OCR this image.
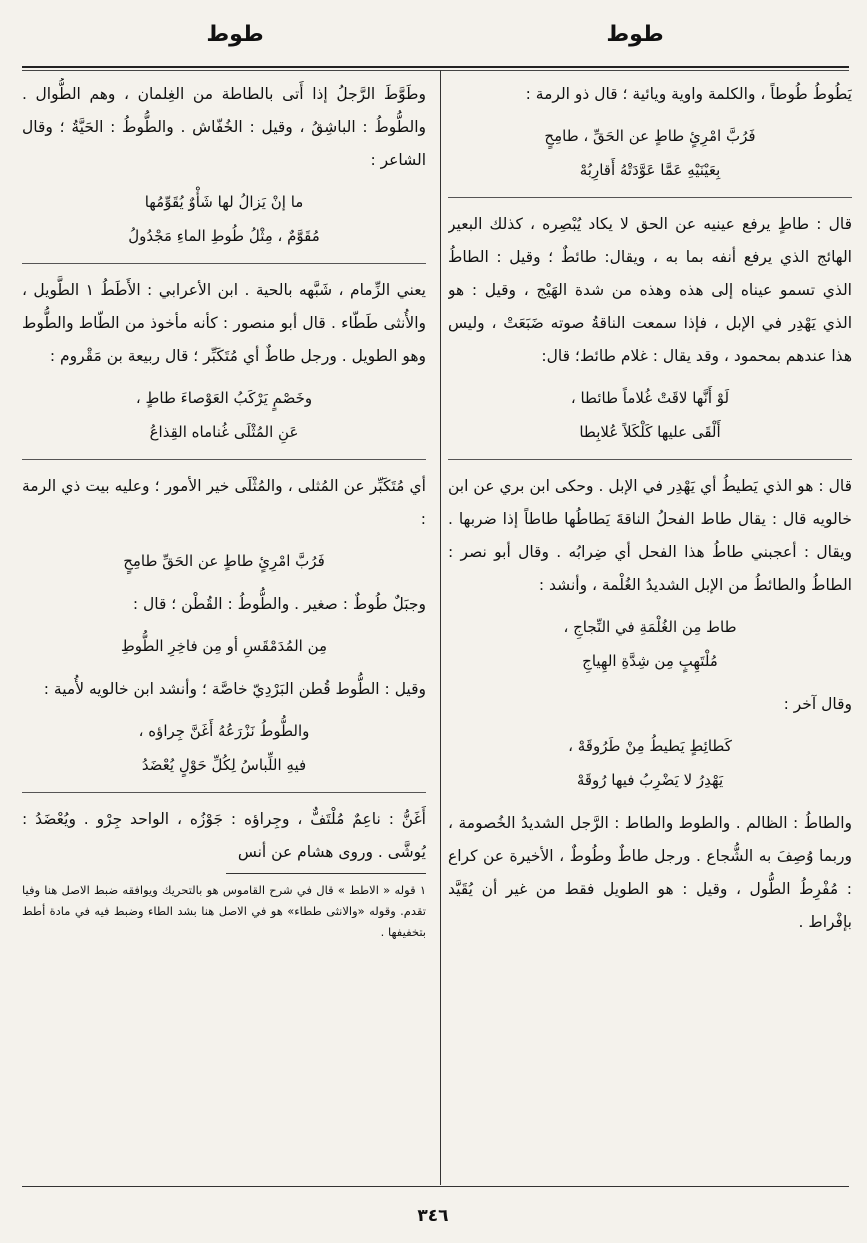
طوط
طوط
يَطُوطُ طُوطاً ، والكلمة واوية ويائية ؛ قال ذو الرمة :
فَرُبَّ امْرِئٍ طاطٍ عن الحَقِّ ، طامِحٍ
بِعَيْنَيْهِ عَمَّا عَوَّدَتْهُ أَقارِبُهْ
قال : طاطٍ يرفع عينيه عن الحق لا يكاد يُبْصِره ، كذلك البعير الهائج الذي يرفع أنفه بما به ، ويقال: طائطٌ ؛ وقيل : الطاطُ الذي تسمو عيناه إلى هذه وهذه من شدة الهَيْج ، وقيل : هو الذي يَهْدِر في الإبل ، فإذا سمعت الناقةُ صوته ضَبَعَتْ ، وليس هذا عندهم بمحمود ، وقد يقال : غلام طائط؛ قال:
لَوْ أَنَّها لاقَتْ غُلاماً طائطا ،
أَلْقَى عليها كَلْكَلاً عُلابِطا
قال : هو الذي يَطيطُ أي يَهْدِر في الإبل . وحكى ابن بري عن ابن خالويه قال : يقال طاط الفحلُ الناقةَ يَطاطُها طاطاً إذا ضربها . ويقال : أعجبني طاطُ هذا الفحل أي ضِرابُه . وقال أبو نصر : الطاطُ والطائطُ من الإبل الشديدُ الغُلْمة ، وأنشد :
طاط مِن الغُلْمَةِ في النِّجاجِ ،
مُلْتَهِبٍ مِن شِدَّةِ الهِياجِ
وقال آخر :
كَطائِطٍ يَطيطُ مِنْ طَرُوقَهْ ،
يَهْدِرُ لا يَضْرِبُ فيها رُوقَهْ
والطاطُ : الظالم . والطوط والطاط : الرَّجل الشديدُ الخُصومة ، وربما وُصِفَ به الشُّجاع . ورجل طاطٌ وطُوطٌ ، الأخيرة عن كراع : مُفْرِطُ الطُّول ، وقيل : هو الطويل فقط من غير أن يُقَيَّد بإفْراط .
وطَوَّطَ الرَّجلُ إذا أَتى بالطاطة من الغِلمان ، وهم الطُّوال . والطُّوطُ : الباشِقُ ، وقيل : الخُفّاش . والطُّوطُ : الحَيَّةُ ؛ وقال الشاعر :
ما إنْ يَزالُ لها شَأْوٌ يُقَوِّمُها
مُقَوَّمٌ ، مِثْلُ طُوطِ الماءِ مَجْدُولُ
يعني الزِّمام ، شَبَّهه بالحية . ابن الأعرابي : الأَطَطُ ١ الطَّويل ، والأُنثى طَطّاء . قال أبو منصور : كأنه مأخوذ من الطّاط والطُّوط وهو الطويل . ورجل طاطٌ أي مُتَكَبِّر ؛ قال ربيعة بن مَقْروم :
وخَصْمٍ يَرْكَبُ العَوْصاءَ طاطٍ ،
عَنِ المُثْلَى غُناماه القِذاعُ
أي مُتَكَبِّر عن المُثلى ، والمُثْلَى خير الأمور ؛ وعليه بيت ذي الرمة :
فَرُبَّ امْرِئٍ طاطٍ عن الحَقِّ طامِحٍ
وجبَلٌ طُوطٌ : صغير . والطُّوطُ : القُطْن ؛ قال :
مِن المُدَمْقَسِ أو مِن فاخِرِ الطُّوطِ
وقيل : الطُّوط قُطن البَرْدِيّ خاصَّة ؛ وأنشد ابن خالويه لأُمية :
والطُّوطُ نَزْرَعُهُ أَغَنَّ جِراؤه ،
فيهِ اللِّباسُ لِكُلِّ حَوْلٍ يُعْضَدُ
أَغَنُّ : ناعِمٌ مُلْتَفٌّ ، وجِراؤه : جَوْزُه ، الواحد جِرْو . ويُعْضَدُ : يُوشَّى . وروى هشام عن أنس
١ قوله « الاطط » قال في شرح القاموس هو بالتحريك ويوافقه ضبط الاصل هنا وفيا تقدم. وقوله «والانثى ططاء» هو في الاصل هنا بشد الطاء وضبط فيه في مادة أطط بتخفيفها .
٣٤٦
